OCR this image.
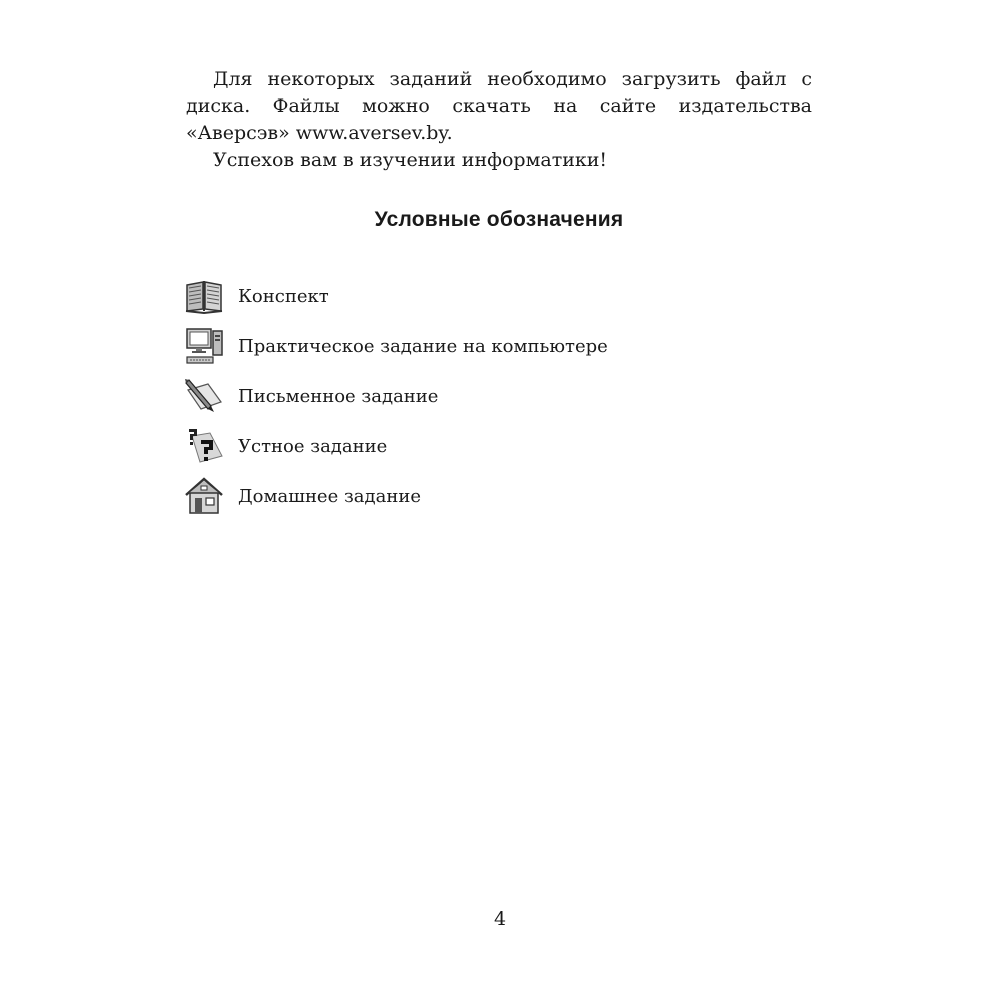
Для некоторых заданий необходимо загрузить файл с диска. Файлы можно скачать на сайте издательства «Аверсэв» www.aversev.by.

Успехов вам в изучении информатики!

Условные обозначения
Конспект
Практическое задание на компьютере
Письменное задание
Устное задание
Домашнее задание
4
